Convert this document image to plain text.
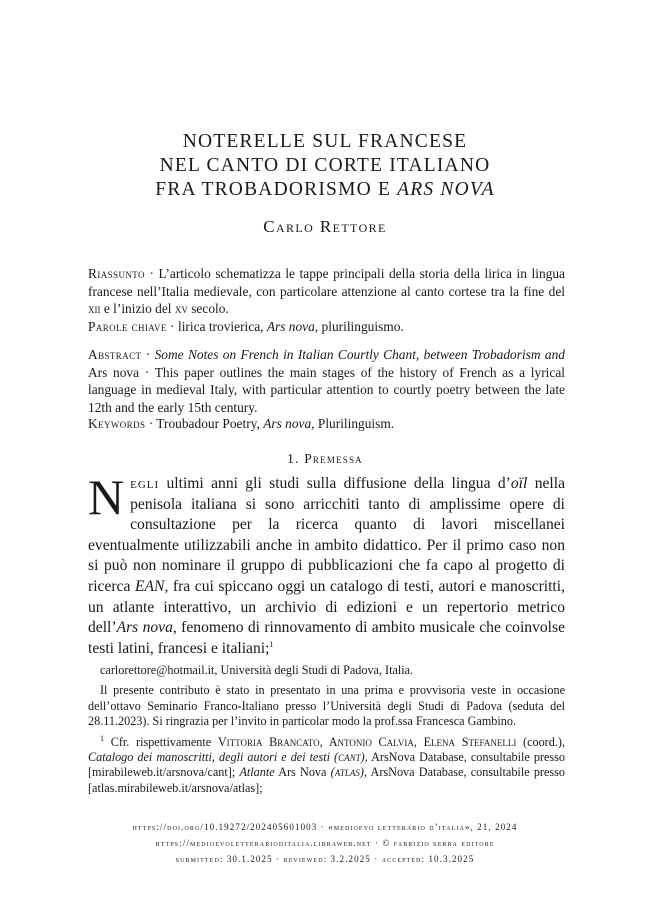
NOTERELLE SUL FRANCESE
NEL CANTO DI CORTE ITALIANO
FRA TROBADORISMO E ARS NOVA
Carlo Rettore

Riassunto · L’articolo schematizza le tappe principali della storia della lirica in lingua francese nell’Italia medievale, con particolare attenzione al canto cortese tra la fine del xii e l’inizio del xv secolo.

Parole chiave · lirica trovierica, Ars nova, plurilinguismo.

Abstract · Some Notes on French in Italian Courtly Chant, between Trobadorism and Ars nova · This paper outlines the main stages of the history of French as a lyrical language in medieval Italy, with particular attention to courtly poetry between the late 12th and the early 15th century.

Keywords · Troubadour Poetry, Ars nova, Plurilinguism.

1. Premessa
Negli ultimi anni gli studi sulla diffusione della lingua d’oïl nella penisola italiana si sono arricchiti tanto di amplissime opere di consultazione per la ricerca quanto di lavori miscellanei eventualmente utilizzabili anche in ambito didattico. Per il primo caso non si può non nominare il gruppo di pubblicazioni che fa capo al progetto di ricerca EAN, fra cui spiccano oggi un catalogo di testi, autori e manoscritti, un atlante interattivo, un archivio di edizioni e un repertorio metrico dell’Ars nova, fenomeno di rinnovamento di ambito musicale che coinvolse testi latini, francesi e italiani;$^1$

carlorettore@hotmail.it, Università degli Studi di Padova, Italia.

Il presente contributo è stato in presentato in una prima e provvisoria veste in occasione dell’ottavo Seminario Franco-Italiano presso l’Università degli Studi di Padova (seduta del 28.11.2023). Si ringrazia per l’invito in particolar modo la prof.ssa Francesca Gambino.

$^1$ Cfr. rispettivamente Vittoria Brancato, Antonio Calvia, Elena Stefanelli (coord.), Catalogo dei manoscritti, degli autori e dei testi (cant), ArsNova Database, consultabile presso [mirabileweb.it/arsnova/cant]; Atlante Ars Nova (atlas), ArsNova Database, consultabile presso [atlas.mirabileweb.it/arsnova/atlas];

https://doi.org/10.19272/202405601003 · «medioevo letterario d’italia», 21, 2024
https://medioevoletterarioditalia.libraweb.net · © fabrizio serra editore
submitted: 30.1.2025 · reviewed: 3.2.2025 · accepted: 10.3.2025
